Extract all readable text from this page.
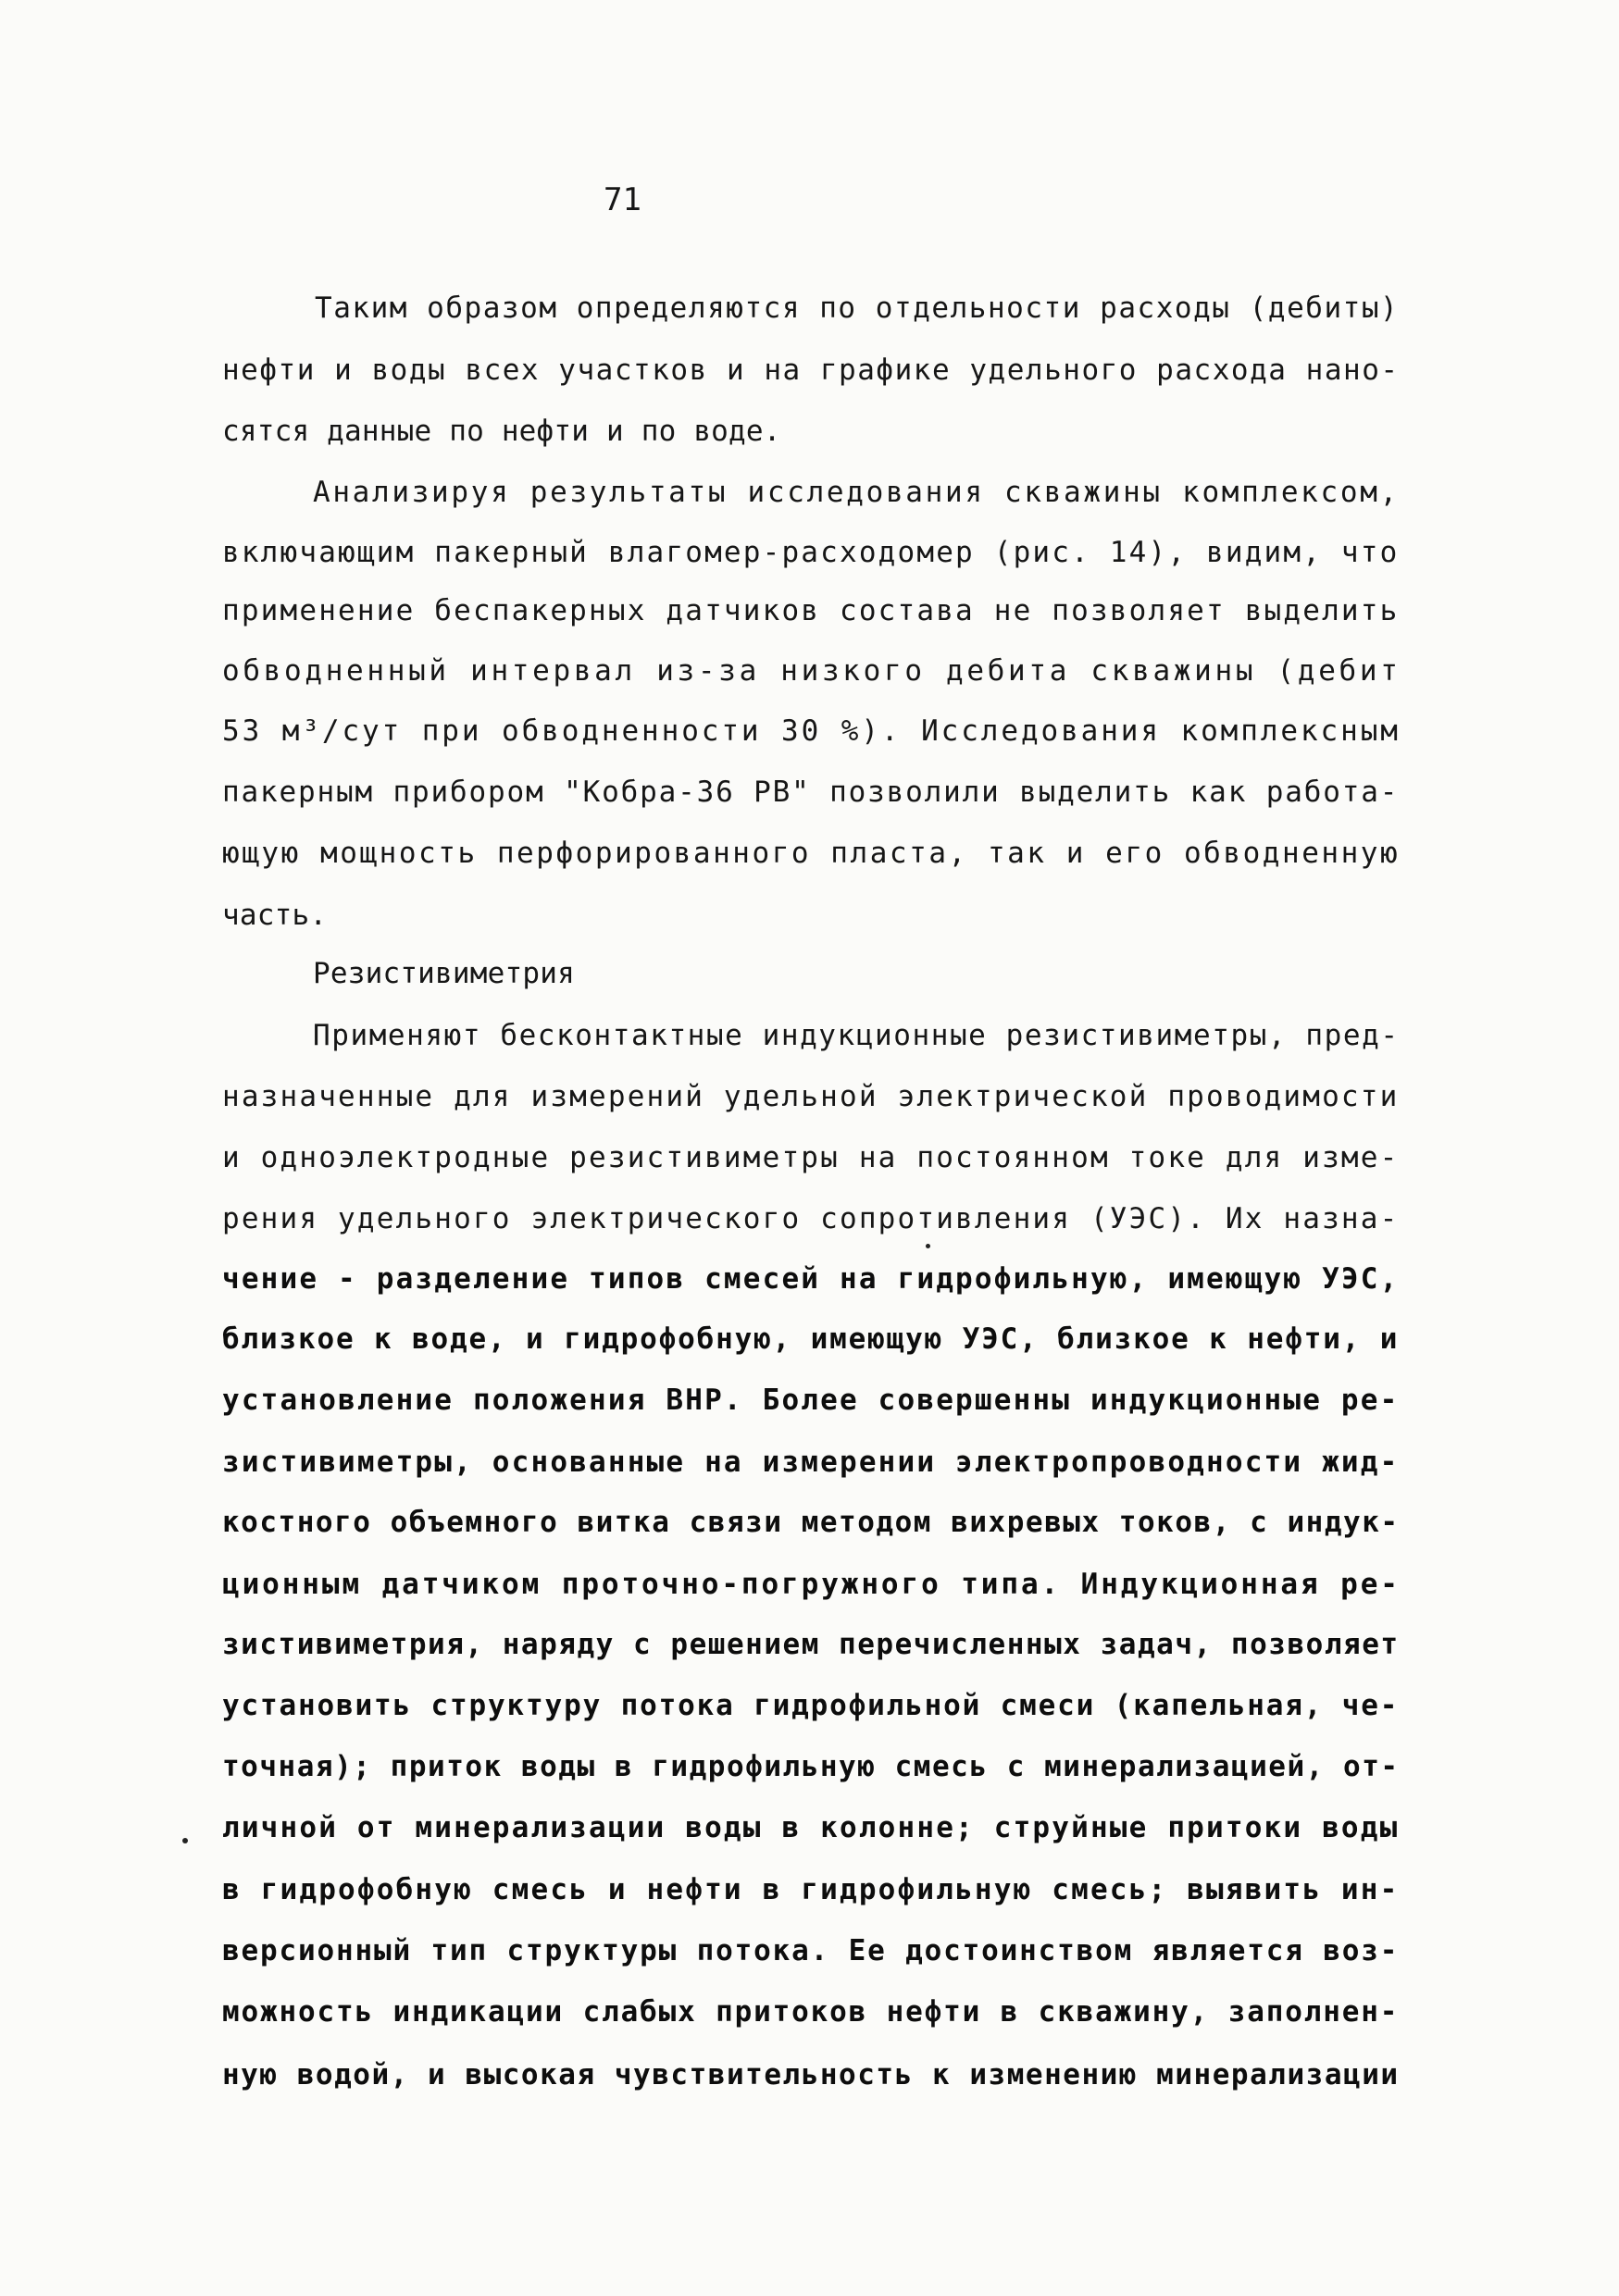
71
Таким образом определяются по отдельности расходы (дебиты)
нефти и воды всех участков и на графике удельного расхода нано-
сятся данные по нефти и по воде.
Анализируя результаты исследования скважины комплексом,
включающим пакерный влагомер-расходомер (рис. 14), видим, что
применение беспакерных датчиков состава не позволяет выделить
обводненный интервал из-за низкого дебита скважины (дебит
53 м³/сут при обводненности 30 %). Исследования комплексным
пакерным прибором "Кобра-36 РВ" позволили выделить как работа-
ющую мощность перфорированного пласта, так и его обводненную
часть.
Резистивиметрия
Применяют бесконтактные индукционные резистивиметры, пред-
назначенные для измерений удельной электрической проводимости
и одноэлектродные резистивиметры на постоянном токе для изме-
рения удельного электрического сопротивления (УЭС). Их назна-
чение - разделение типов смесей на гидрофильную, имеющую УЭС,
близкое к воде, и гидрофобную, имеющую УЭС, близкое к нефти, и
установление положения ВНР. Более совершенны индукционные ре-
зистивиметры, основанные на измерении электропроводности жид-
костного объемного витка связи методом вихревых токов, с индук-
ционным датчиком проточно-погружного типа. Индукционная ре-
зистивиметрия, наряду с решением перечисленных задач, позволяет
установить структуру потока гидрофильной смеси (капельная, че-
точная); приток воды в гидрофильную смесь с минерализацией, от-
личной от минерализации воды в колонне; струйные притоки воды
в гидрофобную смесь и нефти в гидрофильную смесь; выявить ин-
версионный тип структуры потока. Ее достоинством является воз-
можность индикации слабых притоков нефти в скважину, заполнен-
ную водой, и высокая чувствительность к изменению минерализации
